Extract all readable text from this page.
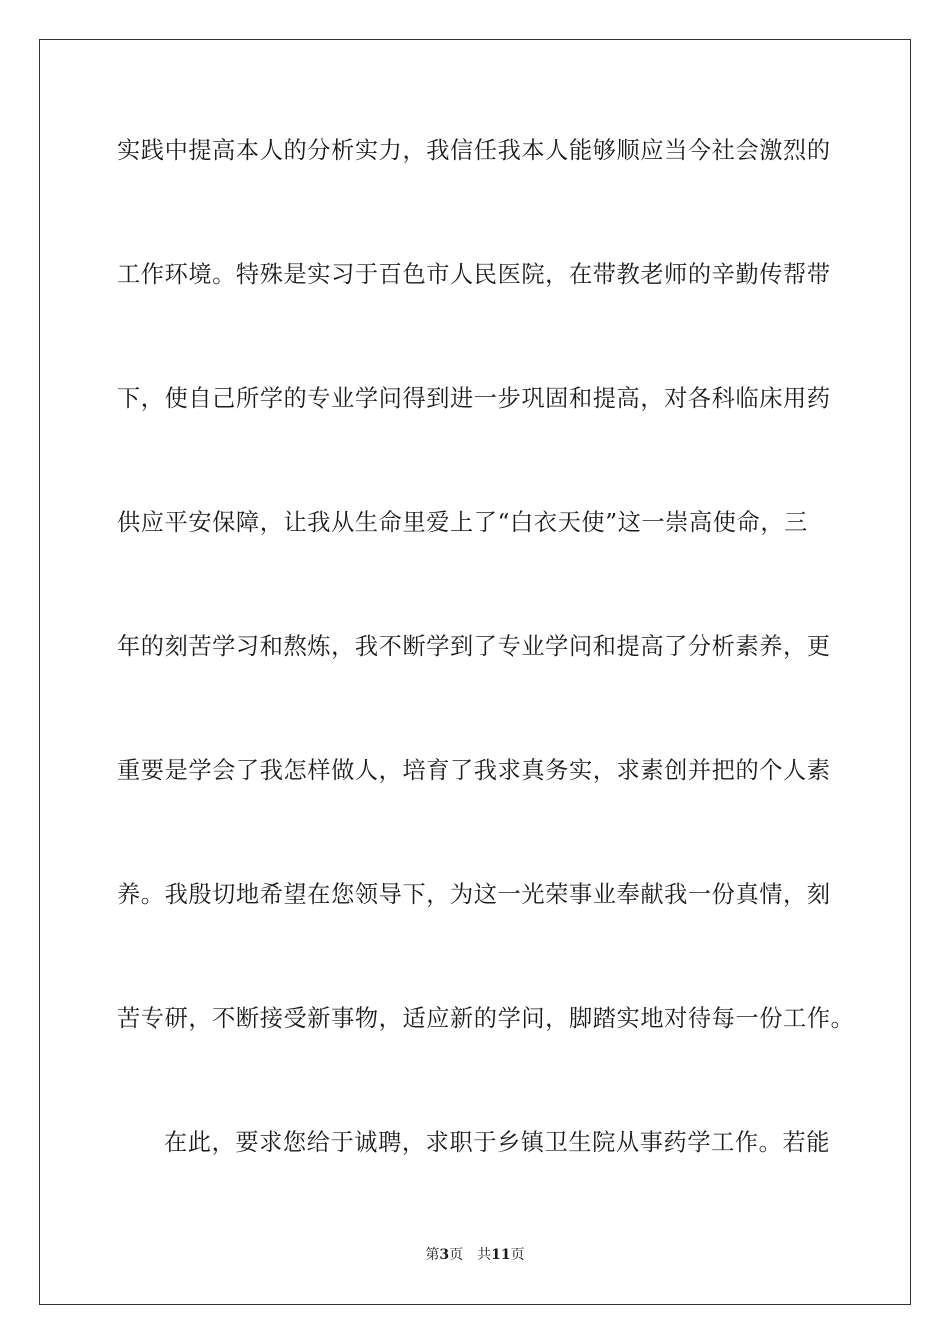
实践中提高本人的分析实力，我信任我本人能够顺应当今社会激烈的
工作环境。特殊是实习于百色市人民医院，在带教老师的辛勤传帮带
下，使自己所学的专业学问得到进一步巩固和提高，对各科临床用药
供应平安保障，让我从生命里爱上了“白衣天使”这一崇高使命，三
年的刻苦学习和熬炼，我不断学到了专业学问和提高了分析素养，更
重要是学会了我怎样做人，培育了我求真务实，求素创并把的个人素
养。我殷切地希望在您领导下，为这一光荣事业奉献我一份真情，刻
苦专研，不断接受新事物，适应新的学问，脚踏实地对待每一份工作。
在此，要求您给于诚聘，求职于乡镇卫生院从事药学工作。若能
第3页 共11页
